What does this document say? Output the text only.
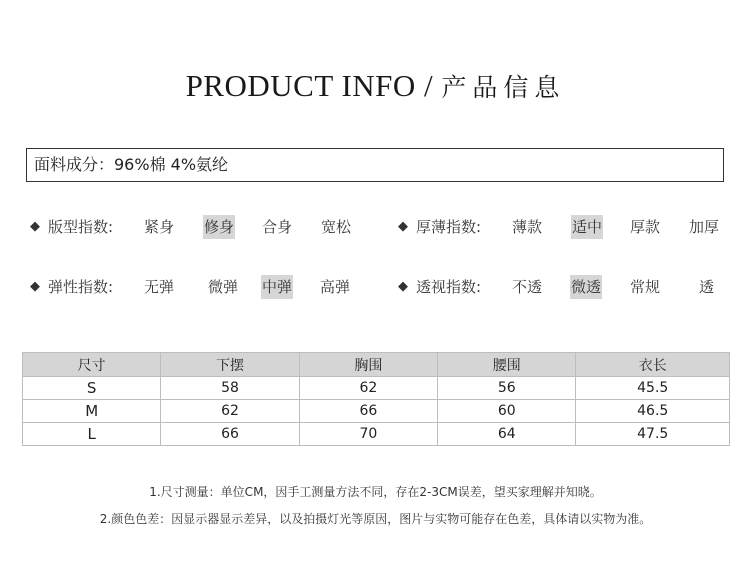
PRODUCT INFO / 产品信息
面料成分：96%棉 4%氨纶
◆ 版型指数: 紧身 修身 合身 宽松	◆ 厚薄指数: 薄款 适中 厚款 加厚
◆ 弹性指数: 无弹 微弹 中弹 高弹	◆ 透视指数: 不透 微透 常规	透
尺寸	下摆	胸围	腰围	衣长
S	58	62	56	45.5
M	62	66	60	46.5
L	66	70	64	47.5
1.尺寸测量：单位CM，因手工测量方法不同，存在2-3CM误差，望买家理解并知晓。
2.颜色色差：因显示器显示差异，以及拍摄灯光等原因，图片与实物可能存在色差，具体请以实物为准。
